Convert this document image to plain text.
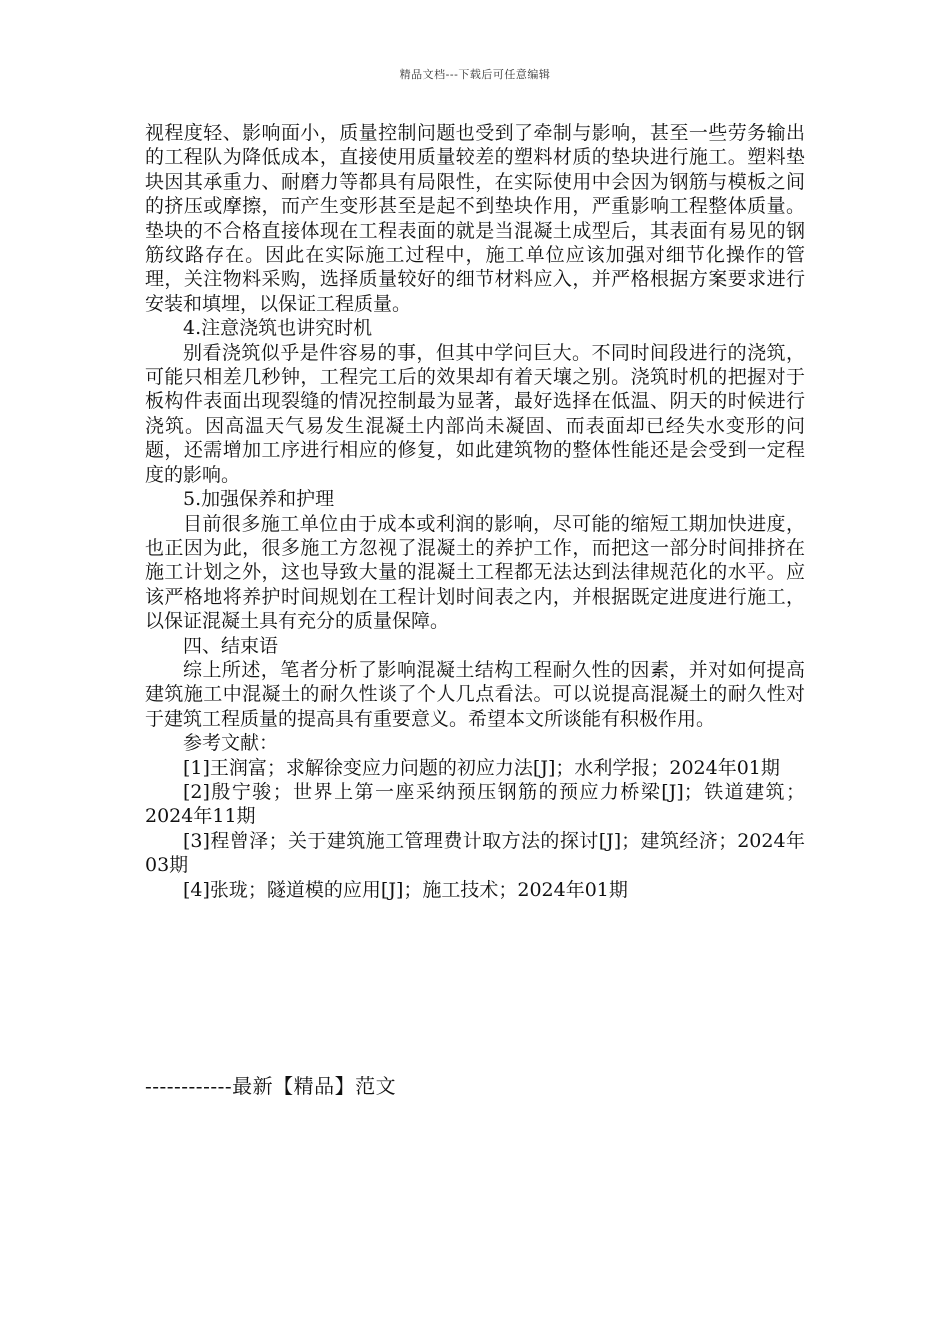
精品文档---下载后可任意编辑

视程度轻、影响面小，质量控制问题也受到了牵制与影响，甚至一些劳务输出的工程队为降低成本，直接使用质量较差的塑料材质的垫块进行施工。塑料垫块因其承重力、耐磨力等都具有局限性，在实际使用中会因为钢筋与模板之间的挤压或摩擦，而产生变形甚至是起不到垫块作用，严重影响工程整体质量。垫块的不合格直接体现在工程表面的就是当混凝土成型后，其表面有易见的钢筋纹路存在。因此在实际施工过程中，施工单位应该加强对细节化操作的管理，关注物料采购，选择质量较好的细节材料应入，并严格根据方案要求进行安装和填埋，以保证工程质量。

4.注意浇筑也讲究时机

别看浇筑似乎是件容易的事，但其中学问巨大。不同时间段进行的浇筑，可能只相差几秒钟，工程完工后的效果却有着天壤之别。浇筑时机的把握对于板构件表面出现裂缝的情况控制最为显著，最好选择在低温、阴天的时候进行浇筑。因高温天气易发生混凝土内部尚未凝固、而表面却已经失水变形的问题，还需增加工序进行相应的修复，如此建筑物的整体性能还是会受到一定程度的影响。

5.加强保养和护理

目前很多施工单位由于成本或利润的影响，尽可能的缩短工期加快进度，也正因为此，很多施工方忽视了混凝土的养护工作，而把这一部分时间排挤在施工计划之外，这也导致大量的混凝土工程都无法达到法律规范化的水平。应该严格地将养护时间规划在工程计划时间表之内，并根据既定进度进行施工，以保证混凝土具有充分的质量保障。

四、结束语

综上所述，笔者分析了影响混凝土结构工程耐久性的因素，并对如何提高建筑施工中混凝土的耐久性谈了个人几点看法。可以说提高混凝土的耐久性对于建筑工程质量的提高具有重要意义。希望本文所谈能有积极作用。

参考文献：

[1]王润富；求解徐变应力问题的初应力法[J]；水利学报；2024年01期

[2]殷宁骏；世界上第一座采纳预压钢筋的预应力桥梁[J]；铁道建筑；2024年11期

[3]程曾泽；关于建筑施工管理费计取方法的探讨[J]；建筑经济；2024年03期

[4]张珑；隧道模的应用[J]；施工技术；2024年01期

------------最新【精品】范文
